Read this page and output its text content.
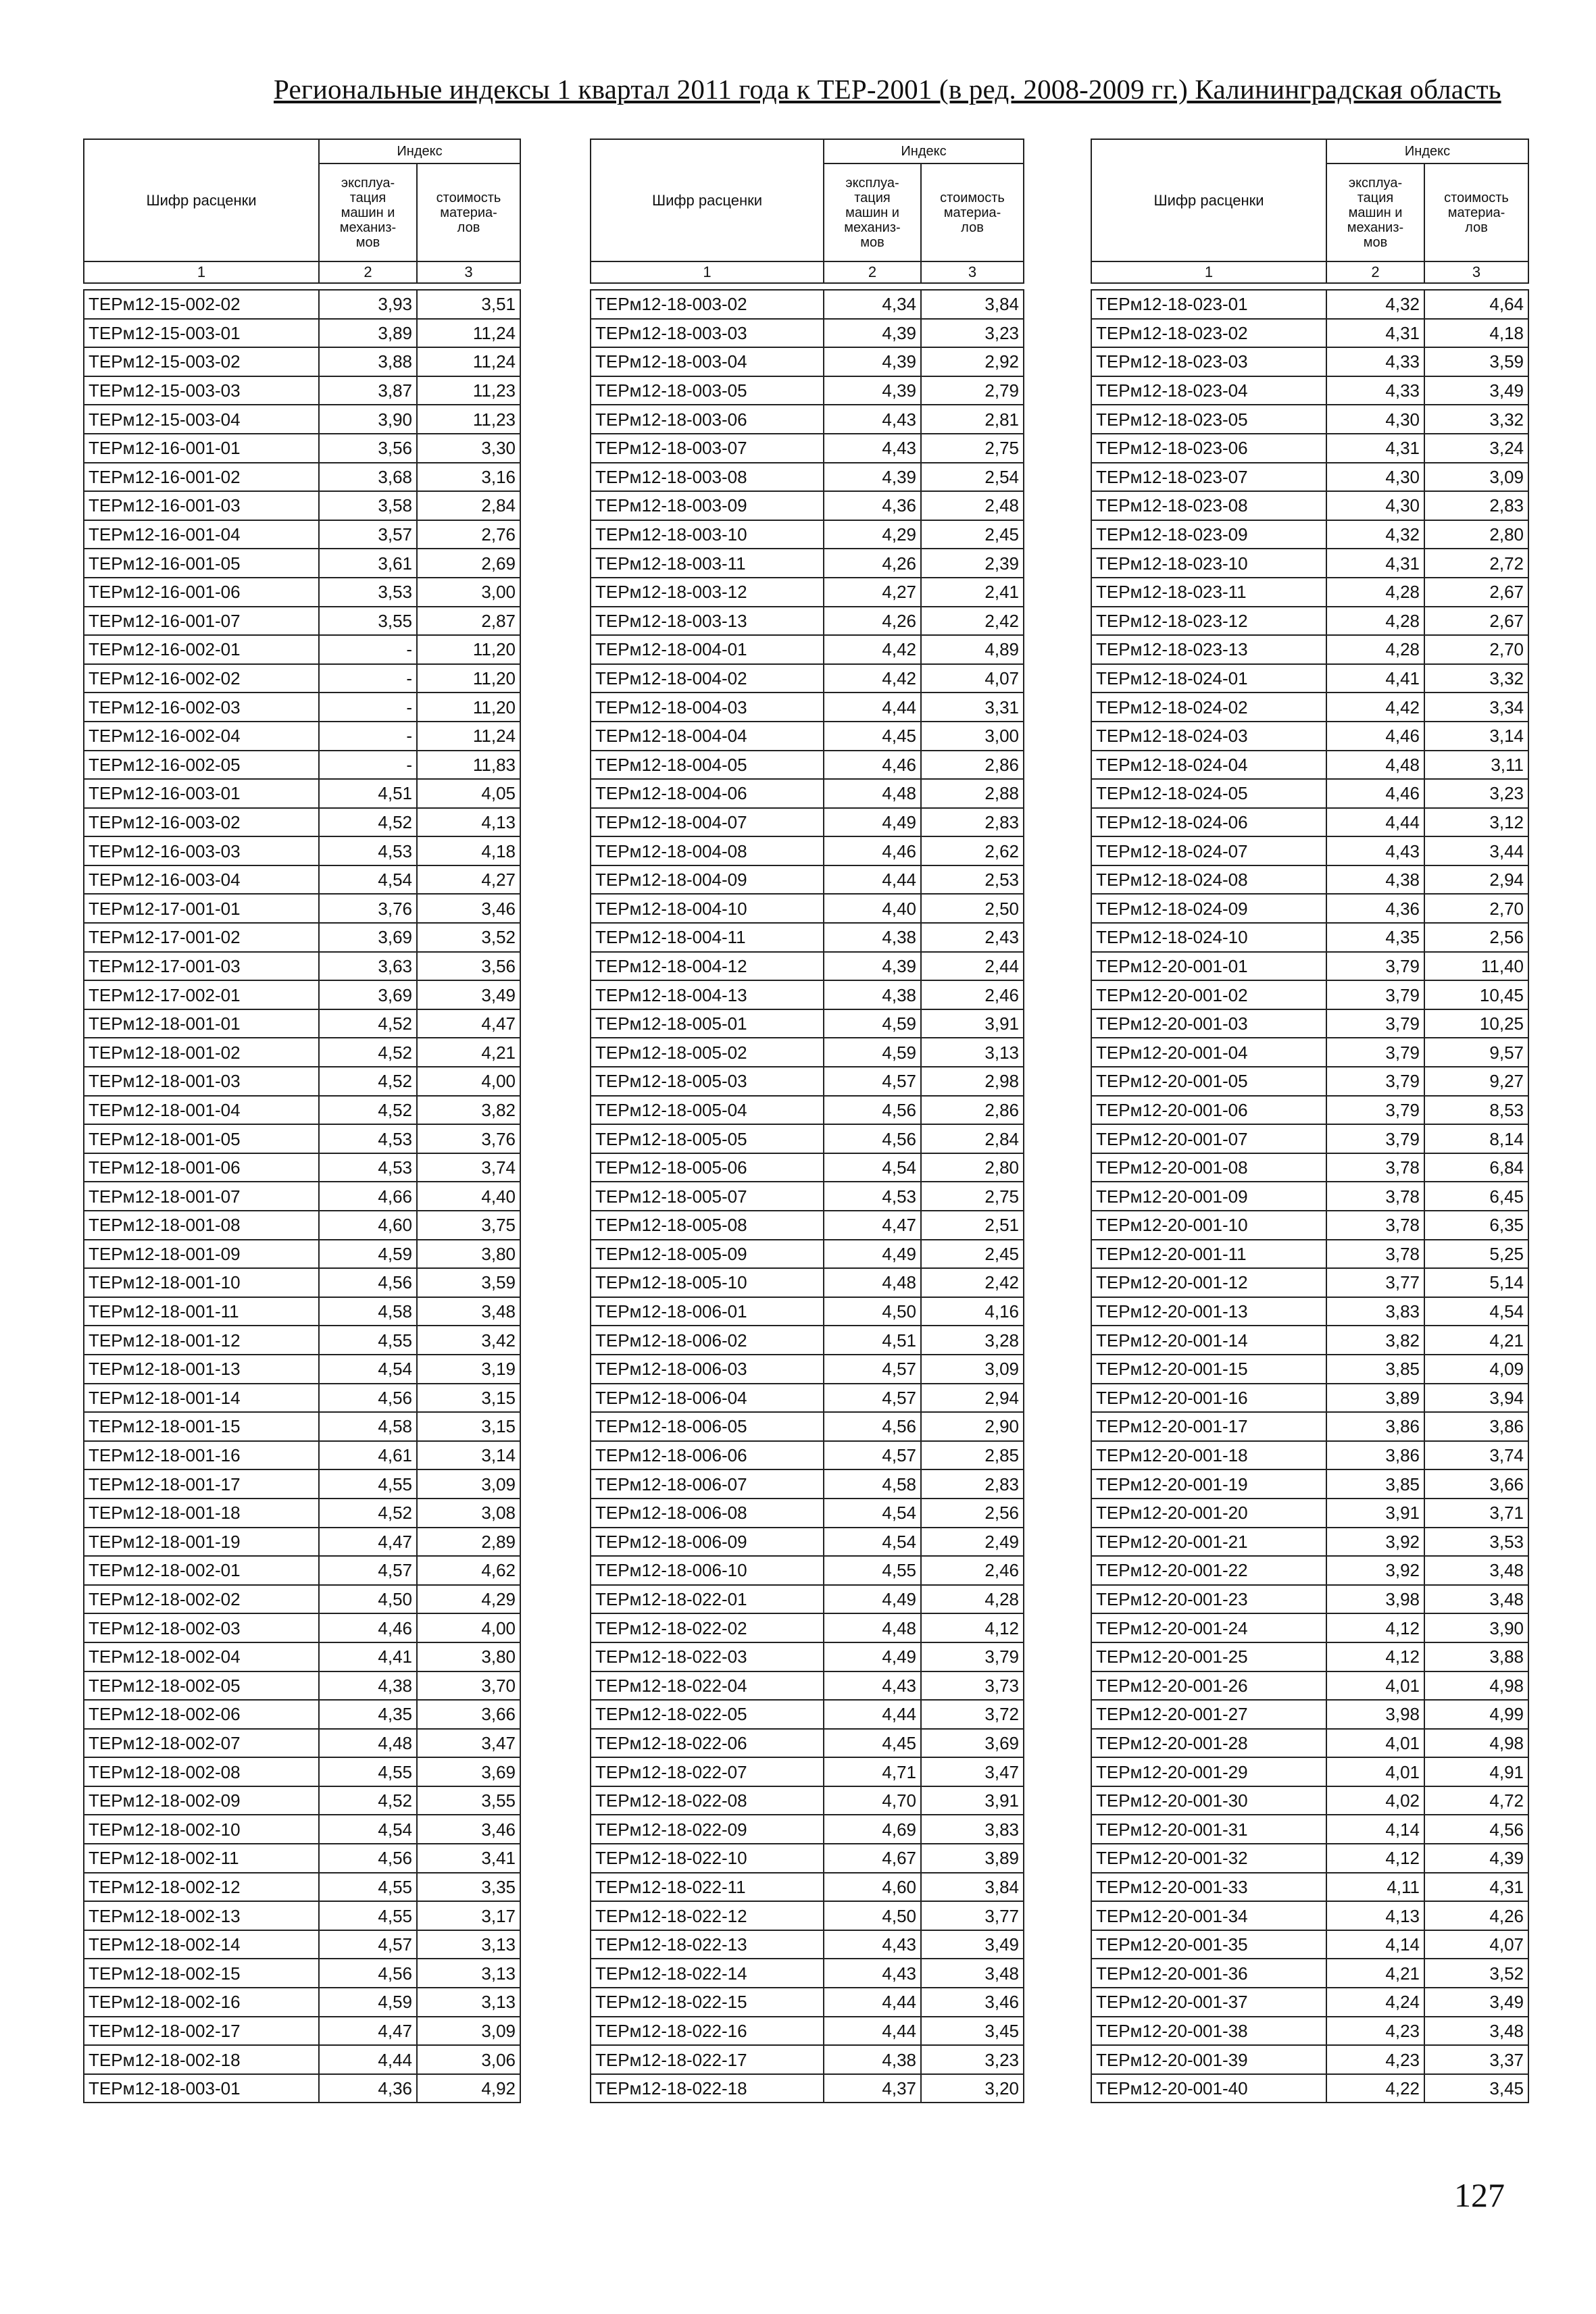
Региональные индексы 1 квартал 2011 года к ТЕР-2001 (в ред. 2008-2009 гг.) Калининградская область
Шифр расценки	Индекс	
	эксплуа-
тация
машин и
механиз-
мов	стоимость
материа-
лов
1	2	3

ТЕРм12-15-002-02	3,93	3,51
ТЕРм12-15-003-01	3,89	11,24
ТЕРм12-15-003-02	3,88	11,24
ТЕРм12-15-003-03	3,87	11,23
ТЕРм12-15-003-04	3,90	11,23
ТЕРм12-16-001-01	3,56	3,30
ТЕРм12-16-001-02	3,68	3,16
ТЕРм12-16-001-03	3,58	2,84
ТЕРм12-16-001-04	3,57	2,76
ТЕРм12-16-001-05	3,61	2,69
ТЕРм12-16-001-06	3,53	3,00
ТЕРм12-16-001-07	3,55	2,87
ТЕРм12-16-002-01	-	11,20
ТЕРм12-16-002-02	-	11,20
ТЕРм12-16-002-03	-	11,20
ТЕРм12-16-002-04	-	11,24
ТЕРм12-16-002-05	-	11,83
ТЕРм12-16-003-01	4,51	4,05
ТЕРм12-16-003-02	4,52	4,13
ТЕРм12-16-003-03	4,53	4,18
ТЕРм12-16-003-04	4,54	4,27
ТЕРм12-17-001-01	3,76	3,46
ТЕРм12-17-001-02	3,69	3,52
ТЕРм12-17-001-03	3,63	3,56
ТЕРм12-17-002-01	3,69	3,49
ТЕРм12-18-001-01	4,52	4,47
ТЕРм12-18-001-02	4,52	4,21
ТЕРм12-18-001-03	4,52	4,00
ТЕРм12-18-001-04	4,52	3,82
ТЕРм12-18-001-05	4,53	3,76
ТЕРм12-18-001-06	4,53	3,74
ТЕРм12-18-001-07	4,66	4,40
ТЕРм12-18-001-08	4,60	3,75
ТЕРм12-18-001-09	4,59	3,80
ТЕРм12-18-001-10	4,56	3,59
ТЕРм12-18-001-11	4,58	3,48
ТЕРм12-18-001-12	4,55	3,42
ТЕРм12-18-001-13	4,54	3,19
ТЕРм12-18-001-14	4,56	3,15
ТЕРм12-18-001-15	4,58	3,15
ТЕРм12-18-001-16	4,61	3,14
ТЕРм12-18-001-17	4,55	3,09
ТЕРм12-18-001-18	4,52	3,08
ТЕРм12-18-001-19	4,47	2,89
ТЕРм12-18-002-01	4,57	4,62
ТЕРм12-18-002-02	4,50	4,29
ТЕРм12-18-002-03	4,46	4,00
ТЕРм12-18-002-04	4,41	3,80
ТЕРм12-18-002-05	4,38	3,70
ТЕРм12-18-002-06	4,35	3,66
ТЕРм12-18-002-07	4,48	3,47
ТЕРм12-18-002-08	4,55	3,69
ТЕРм12-18-002-09	4,52	3,55
ТЕРм12-18-002-10	4,54	3,46
ТЕРм12-18-002-11	4,56	3,41
ТЕРм12-18-002-12	4,55	3,35
ТЕРм12-18-002-13	4,55	3,17
ТЕРм12-18-002-14	4,57	3,13
ТЕРм12-18-002-15	4,56	3,13
ТЕРм12-18-002-16	4,59	3,13
ТЕРм12-18-002-17	4,47	3,09
ТЕРм12-18-002-18	4,44	3,06
ТЕРм12-18-003-01	4,36	4,92
Шифр расценки	Индекс	
	эксплуа-
тация
машин и
механиз-
мов	стоимость
материа-
лов
1	2	3

ТЕРм12-18-003-02	4,34	3,84
ТЕРм12-18-003-03	4,39	3,23
ТЕРм12-18-003-04	4,39	2,92
ТЕРм12-18-003-05	4,39	2,79
ТЕРм12-18-003-06	4,43	2,81
ТЕРм12-18-003-07	4,43	2,75
ТЕРм12-18-003-08	4,39	2,54
ТЕРм12-18-003-09	4,36	2,48
ТЕРм12-18-003-10	4,29	2,45
ТЕРм12-18-003-11	4,26	2,39
ТЕРм12-18-003-12	4,27	2,41
ТЕРм12-18-003-13	4,26	2,42
ТЕРм12-18-004-01	4,42	4,89
ТЕРм12-18-004-02	4,42	4,07
ТЕРм12-18-004-03	4,44	3,31
ТЕРм12-18-004-04	4,45	3,00
ТЕРм12-18-004-05	4,46	2,86
ТЕРм12-18-004-06	4,48	2,88
ТЕРм12-18-004-07	4,49	2,83
ТЕРм12-18-004-08	4,46	2,62
ТЕРм12-18-004-09	4,44	2,53
ТЕРм12-18-004-10	4,40	2,50
ТЕРм12-18-004-11	4,38	2,43
ТЕРм12-18-004-12	4,39	2,44
ТЕРм12-18-004-13	4,38	2,46
ТЕРм12-18-005-01	4,59	3,91
ТЕРм12-18-005-02	4,59	3,13
ТЕРм12-18-005-03	4,57	2,98
ТЕРм12-18-005-04	4,56	2,86
ТЕРм12-18-005-05	4,56	2,84
ТЕРм12-18-005-06	4,54	2,80
ТЕРм12-18-005-07	4,53	2,75
ТЕРм12-18-005-08	4,47	2,51
ТЕРм12-18-005-09	4,49	2,45
ТЕРм12-18-005-10	4,48	2,42
ТЕРм12-18-006-01	4,50	4,16
ТЕРм12-18-006-02	4,51	3,28
ТЕРм12-18-006-03	4,57	3,09
ТЕРм12-18-006-04	4,57	2,94
ТЕРм12-18-006-05	4,56	2,90
ТЕРм12-18-006-06	4,57	2,85
ТЕРм12-18-006-07	4,58	2,83
ТЕРм12-18-006-08	4,54	2,56
ТЕРм12-18-006-09	4,54	2,49
ТЕРм12-18-006-10	4,55	2,46
ТЕРм12-18-022-01	4,49	4,28
ТЕРм12-18-022-02	4,48	4,12
ТЕРм12-18-022-03	4,49	3,79
ТЕРм12-18-022-04	4,43	3,73
ТЕРм12-18-022-05	4,44	3,72
ТЕРм12-18-022-06	4,45	3,69
ТЕРм12-18-022-07	4,71	3,47
ТЕРм12-18-022-08	4,70	3,91
ТЕРм12-18-022-09	4,69	3,83
ТЕРм12-18-022-10	4,67	3,89
ТЕРм12-18-022-11	4,60	3,84
ТЕРм12-18-022-12	4,50	3,77
ТЕРм12-18-022-13	4,43	3,49
ТЕРм12-18-022-14	4,43	3,48
ТЕРм12-18-022-15	4,44	3,46
ТЕРм12-18-022-16	4,44	3,45
ТЕРм12-18-022-17	4,38	3,23
ТЕРм12-18-022-18	4,37	3,20
Шифр расценки	Индекс	
	эксплуа-
тация
машин и
механиз-
мов	стоимость
материа-
лов
1	2	3

ТЕРм12-18-023-01	4,32	4,64
ТЕРм12-18-023-02	4,31	4,18
ТЕРм12-18-023-03	4,33	3,59
ТЕРм12-18-023-04	4,33	3,49
ТЕРм12-18-023-05	4,30	3,32
ТЕРм12-18-023-06	4,31	3,24
ТЕРм12-18-023-07	4,30	3,09
ТЕРм12-18-023-08	4,30	2,83
ТЕРм12-18-023-09	4,32	2,80
ТЕРм12-18-023-10	4,31	2,72
ТЕРм12-18-023-11	4,28	2,67
ТЕРм12-18-023-12	4,28	2,67
ТЕРм12-18-023-13	4,28	2,70
ТЕРм12-18-024-01	4,41	3,32
ТЕРм12-18-024-02	4,42	3,34
ТЕРм12-18-024-03	4,46	3,14
ТЕРм12-18-024-04	4,48	3,11
ТЕРм12-18-024-05	4,46	3,23
ТЕРм12-18-024-06	4,44	3,12
ТЕРм12-18-024-07	4,43	3,44
ТЕРм12-18-024-08	4,38	2,94
ТЕРм12-18-024-09	4,36	2,70
ТЕРм12-18-024-10	4,35	2,56
ТЕРм12-20-001-01	3,79	11,40
ТЕРм12-20-001-02	3,79	10,45
ТЕРм12-20-001-03	3,79	10,25
ТЕРм12-20-001-04	3,79	9,57
ТЕРм12-20-001-05	3,79	9,27
ТЕРм12-20-001-06	3,79	8,53
ТЕРм12-20-001-07	3,79	8,14
ТЕРм12-20-001-08	3,78	6,84
ТЕРм12-20-001-09	3,78	6,45
ТЕРм12-20-001-10	3,78	6,35
ТЕРм12-20-001-11	3,78	5,25
ТЕРм12-20-001-12	3,77	5,14
ТЕРм12-20-001-13	3,83	4,54
ТЕРм12-20-001-14	3,82	4,21
ТЕРм12-20-001-15	3,85	4,09
ТЕРм12-20-001-16	3,89	3,94
ТЕРм12-20-001-17	3,86	3,86
ТЕРм12-20-001-18	3,86	3,74
ТЕРм12-20-001-19	3,85	3,66
ТЕРм12-20-001-20	3,91	3,71
ТЕРм12-20-001-21	3,92	3,53
ТЕРм12-20-001-22	3,92	3,48
ТЕРм12-20-001-23	3,98	3,48
ТЕРм12-20-001-24	4,12	3,90
ТЕРм12-20-001-25	4,12	3,88
ТЕРм12-20-001-26	4,01	4,98
ТЕРм12-20-001-27	3,98	4,99
ТЕРм12-20-001-28	4,01	4,98
ТЕРм12-20-001-29	4,01	4,91
ТЕРм12-20-001-30	4,02	4,72
ТЕРм12-20-001-31	4,14	4,56
ТЕРм12-20-001-32	4,12	4,39
ТЕРм12-20-001-33	4,11	4,31
ТЕРм12-20-001-34	4,13	4,26
ТЕРм12-20-001-35	4,14	4,07
ТЕРм12-20-001-36	4,21	3,52
ТЕРм12-20-001-37	4,24	3,49
ТЕРм12-20-001-38	4,23	3,48
ТЕРм12-20-001-39	4,23	3,37
ТЕРм12-20-001-40	4,22	3,45
127
